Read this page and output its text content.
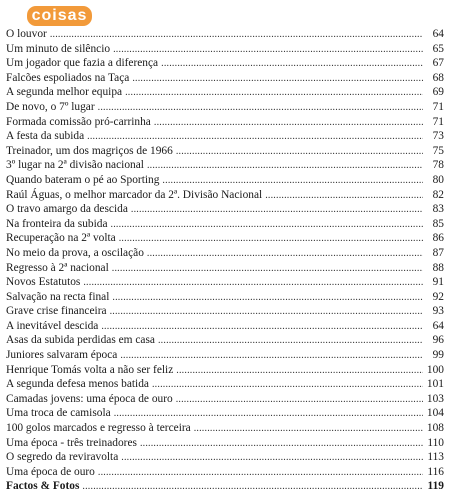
coisas
O louvor .....	64
Um minuto de silêncio .....	65
Um jogador que fazia a diferença .....	67
Falcões espoliados na Taça .....	68
A segunda melhor equipa .....	69
De novo, o 7º lugar .....	71
Formada comissão pró-carrinha .....	71
A festa da subida .....	73
Treinador, um dos magriços de 1966 .....	75
3º lugar na 2ª divisão nacional .....	78
Quando bateram o pé ao Sporting .....	80
Raúl Águas, o melhor marcador da 2ª. Divisão Nacional .....	82
O travo amargo da descida .....	83
Na fronteira da subida .....	85
Recuperação na 2ª volta .....	86
No meio da prova, a oscilação .....	87
Regresso à 2ª nacional .....	88
Novos Estatutos .....	91
Salvação na recta final .....	92
Grave crise financeira .....	93
A inevitável descida .....	64
Asas da subida perdidas em casa .....	96
Juniores salvaram época .....	99
Henrique Tomás volta a não ser feliz .....	100
A segunda defesa menos batida .....	101
Camadas jovens: uma época de ouro .....	103
Uma troca de camisola .....	104
100 golos marcados e regresso à terceira .....	108
Uma época - três treinadores .....	110
O segredo da reviravolta .....	113
Uma época de ouro .....	116
Factos & Fotos .....	119
